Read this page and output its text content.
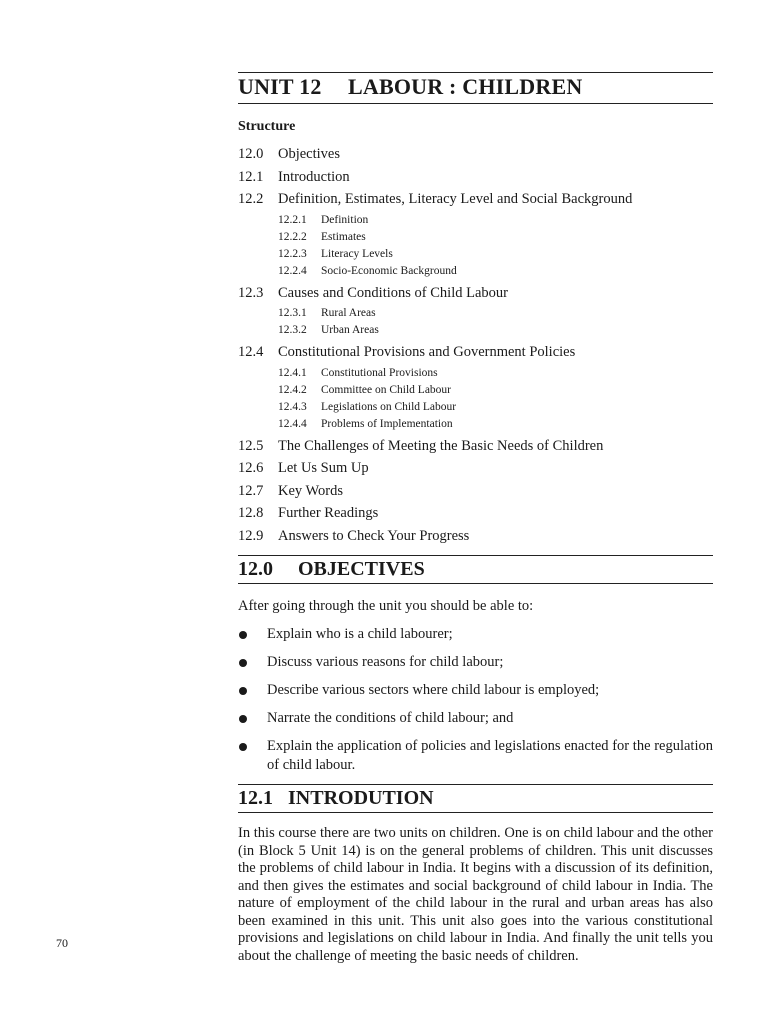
UNIT 12 LABOUR : CHILDREN
Structure
12.0	Objectives
12.1	Introduction
12.2	Definition, Estimates, Literacy Level and Social Background
12.2.1	Definition
12.2.2	Estimates
12.2.3	Literacy Levels
12.2.4	Socio-Economic Background
12.3	Causes and Conditions of Child Labour
12.3.1	Rural Areas
12.3.2	Urban Areas
12.4	Constitutional Provisions and Government Policies
12.4.1	Constitutional Provisions
12.4.2	Committee on Child Labour
12.4.3	Legislations on Child Labour
12.4.4	Problems of Implementation
12.5	The Challenges of Meeting the Basic Needs of Children
12.6	Let Us Sum Up
12.7	Key Words
12.8	Further Readings
12.9	Answers to Check Your Progress
12.0 OBJECTIVES
After going through the unit you should be able to:
Explain who is a child labourer;
Discuss various reasons for child labour;
Describe various sectors where child labour is employed;
Narrate the conditions of child labour; and
Explain the application of policies and legislations enacted for the regulation of child labour.
12.1 INTRODUTION
In this course there are two units on children. One is on child labour and the other (in Block 5 Unit 14) is on the general problems of children. This unit discusses the problems of child labour in India. It begins with a discussion of its definition, and then gives the estimates and social background of child labour in India. The nature of employment of the child labour in the rural and urban areas has also been examined in this unit. This unit also goes into the various constitutional provisions and legislations on child labour in India. And finally the unit tells you about the challenge of meeting the basic needs of children.
70
